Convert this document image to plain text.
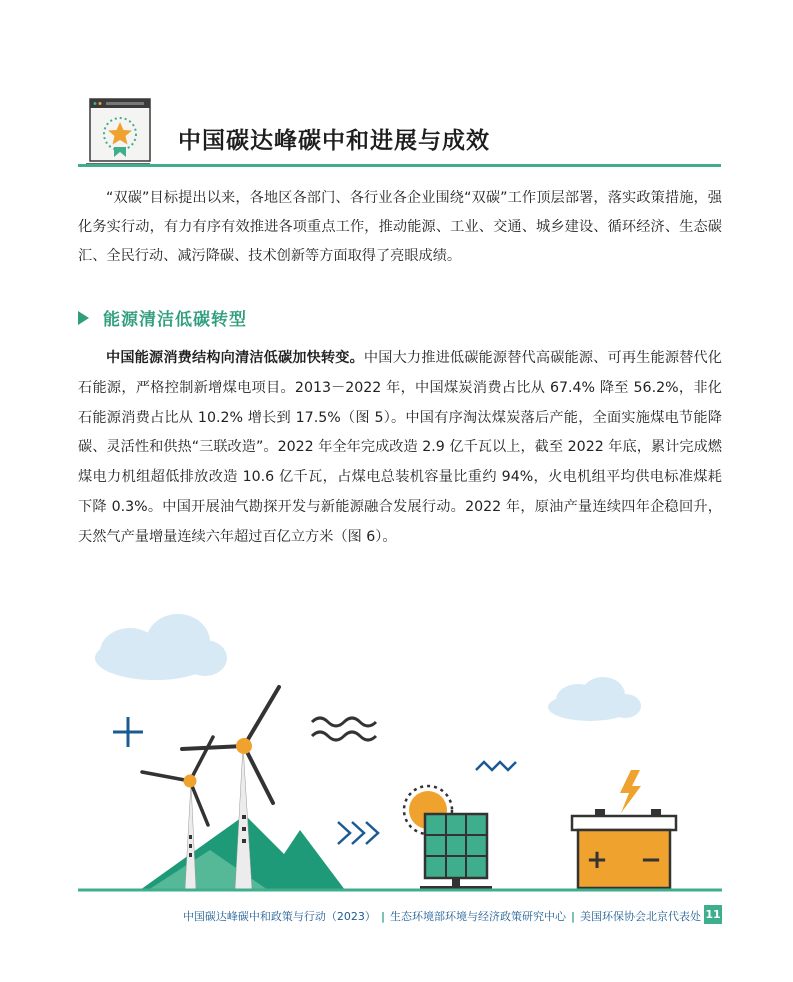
中国碳达峰碳中和进展与成效

“双碳”目标提出以来，各地区各部门、各行业各企业围绕“双碳”工作顶层部署，落实政策措施，强化务实行动，有力有序有效推进各项重点工作，推动能源、工业、交通、城乡建设、循环经济、生态碳汇、全民行动、减污降碳、技术创新等方面取得了亮眼成绩。

能源清洁低碳转型

中国能源消费结构向清洁低碳加快转变。中国大力推进低碳能源替代高碳能源、可再生能源替代化石能源，严格控制新增煤电项目。2013－2022 年，中国煤炭消费占比从 67.4% 降至 56.2%，非化石能源消费占比从 10.2% 增长到 17.5%（图 5）。中国有序淘汰煤炭落后产能，全面实施煤电节能降碳、灵活性和供热“三联改造”。2022 年全年完成改造 2.9 亿千瓦以上，截至 2022 年底，累计完成燃煤电力机组超低排放改造 10.6 亿千瓦，占煤电总装机容量比重约 94%，火电机组平均供电标准煤耗下降 0.3%。中国开展油气勘探开发与新能源融合发展行动。2022 年，原油产量连续四年企稳回升，天然气产量增量连续六年超过百亿立方米（图 6）。

+ −
中国碳达峰碳中和政策与行动（2023） | 生态环境部环境与经济政策研究中心 | 美国环保协会北京代表处 11
